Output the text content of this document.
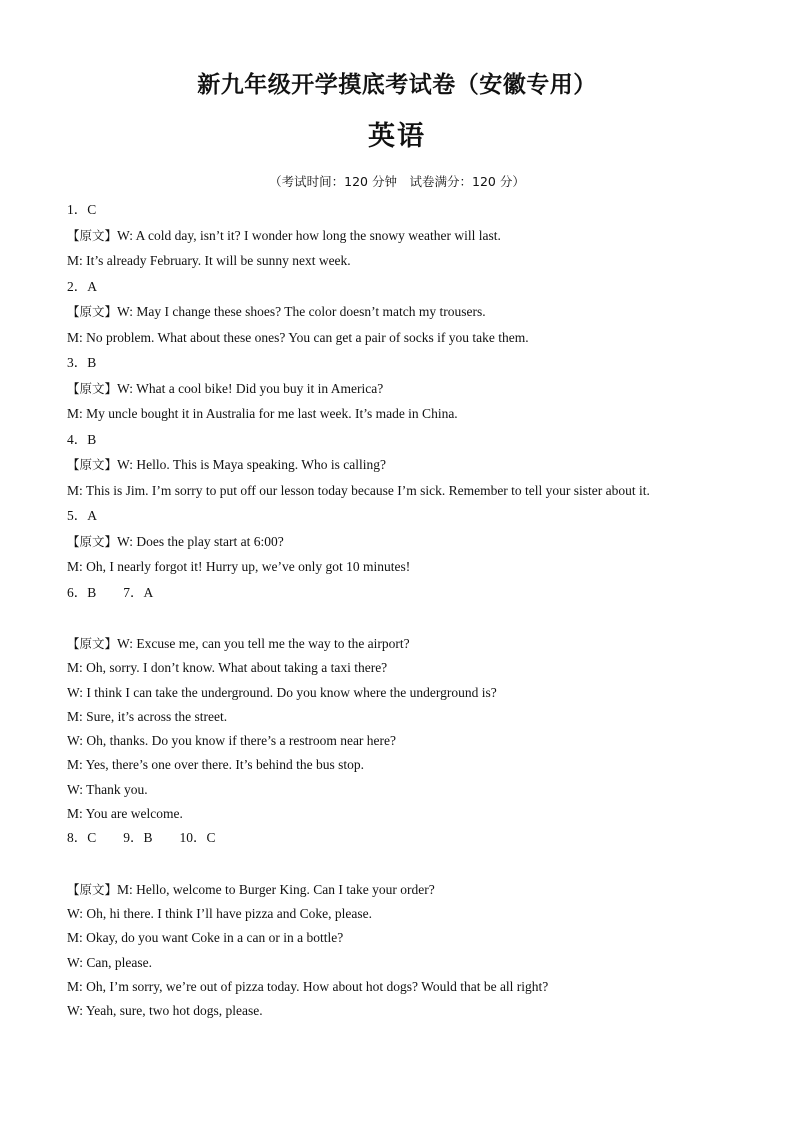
新九年级开学摸底考试卷（安徽专用）
英语
（考试时间：120 分钟　试卷满分：120 分）
1．C
【原文】W: A cold day, isn’t it? I wonder how long the snowy weather will last.
M: It’s already February. It will be sunny next week.
2．A
【原文】W: May I change these shoes? The color doesn’t match my trousers.
M: No problem. What about these ones? You can get a pair of socks if you take them.
3．B
【原文】W: What a cool bike! Did you buy it in America?
M: My uncle bought it in Australia for me last week. It’s made in China.
4．B
【原文】W: Hello. This is Maya speaking. Who is calling?
M: This is Jim. I’m sorry to put off our lesson today because I’m sick. Remember to tell your sister about it.
5．A
【原文】W: Does the play start at 6:00?
M: Oh, I nearly forgot it! Hurry up, we’ve only got 10 minutes!
6．B　　7．A
【原文】W: Excuse me, can you tell me the way to the airport?
M: Oh, sorry. I don’t know. What about taking a taxi there?
W: I think I can take the underground. Do you know where the underground is?
M: Sure, it’s across the street.
W: Oh, thanks. Do you know if there’s a restroom near here?
M: Yes, there’s one over there. It’s behind the bus stop.
W: Thank you.
M: You are welcome.
8．C　　9．B　　10．C
【原文】M: Hello, welcome to Burger King. Can I take your order?
W: Oh, hi there. I think I’ll have pizza and Coke, please.
M: Okay, do you want Coke in a can or in a bottle?
W: Can, please.
M: Oh, I’m sorry, we’re out of pizza today. How about hot dogs? Would that be all right?
W: Yeah, sure, two hot dogs, please.
